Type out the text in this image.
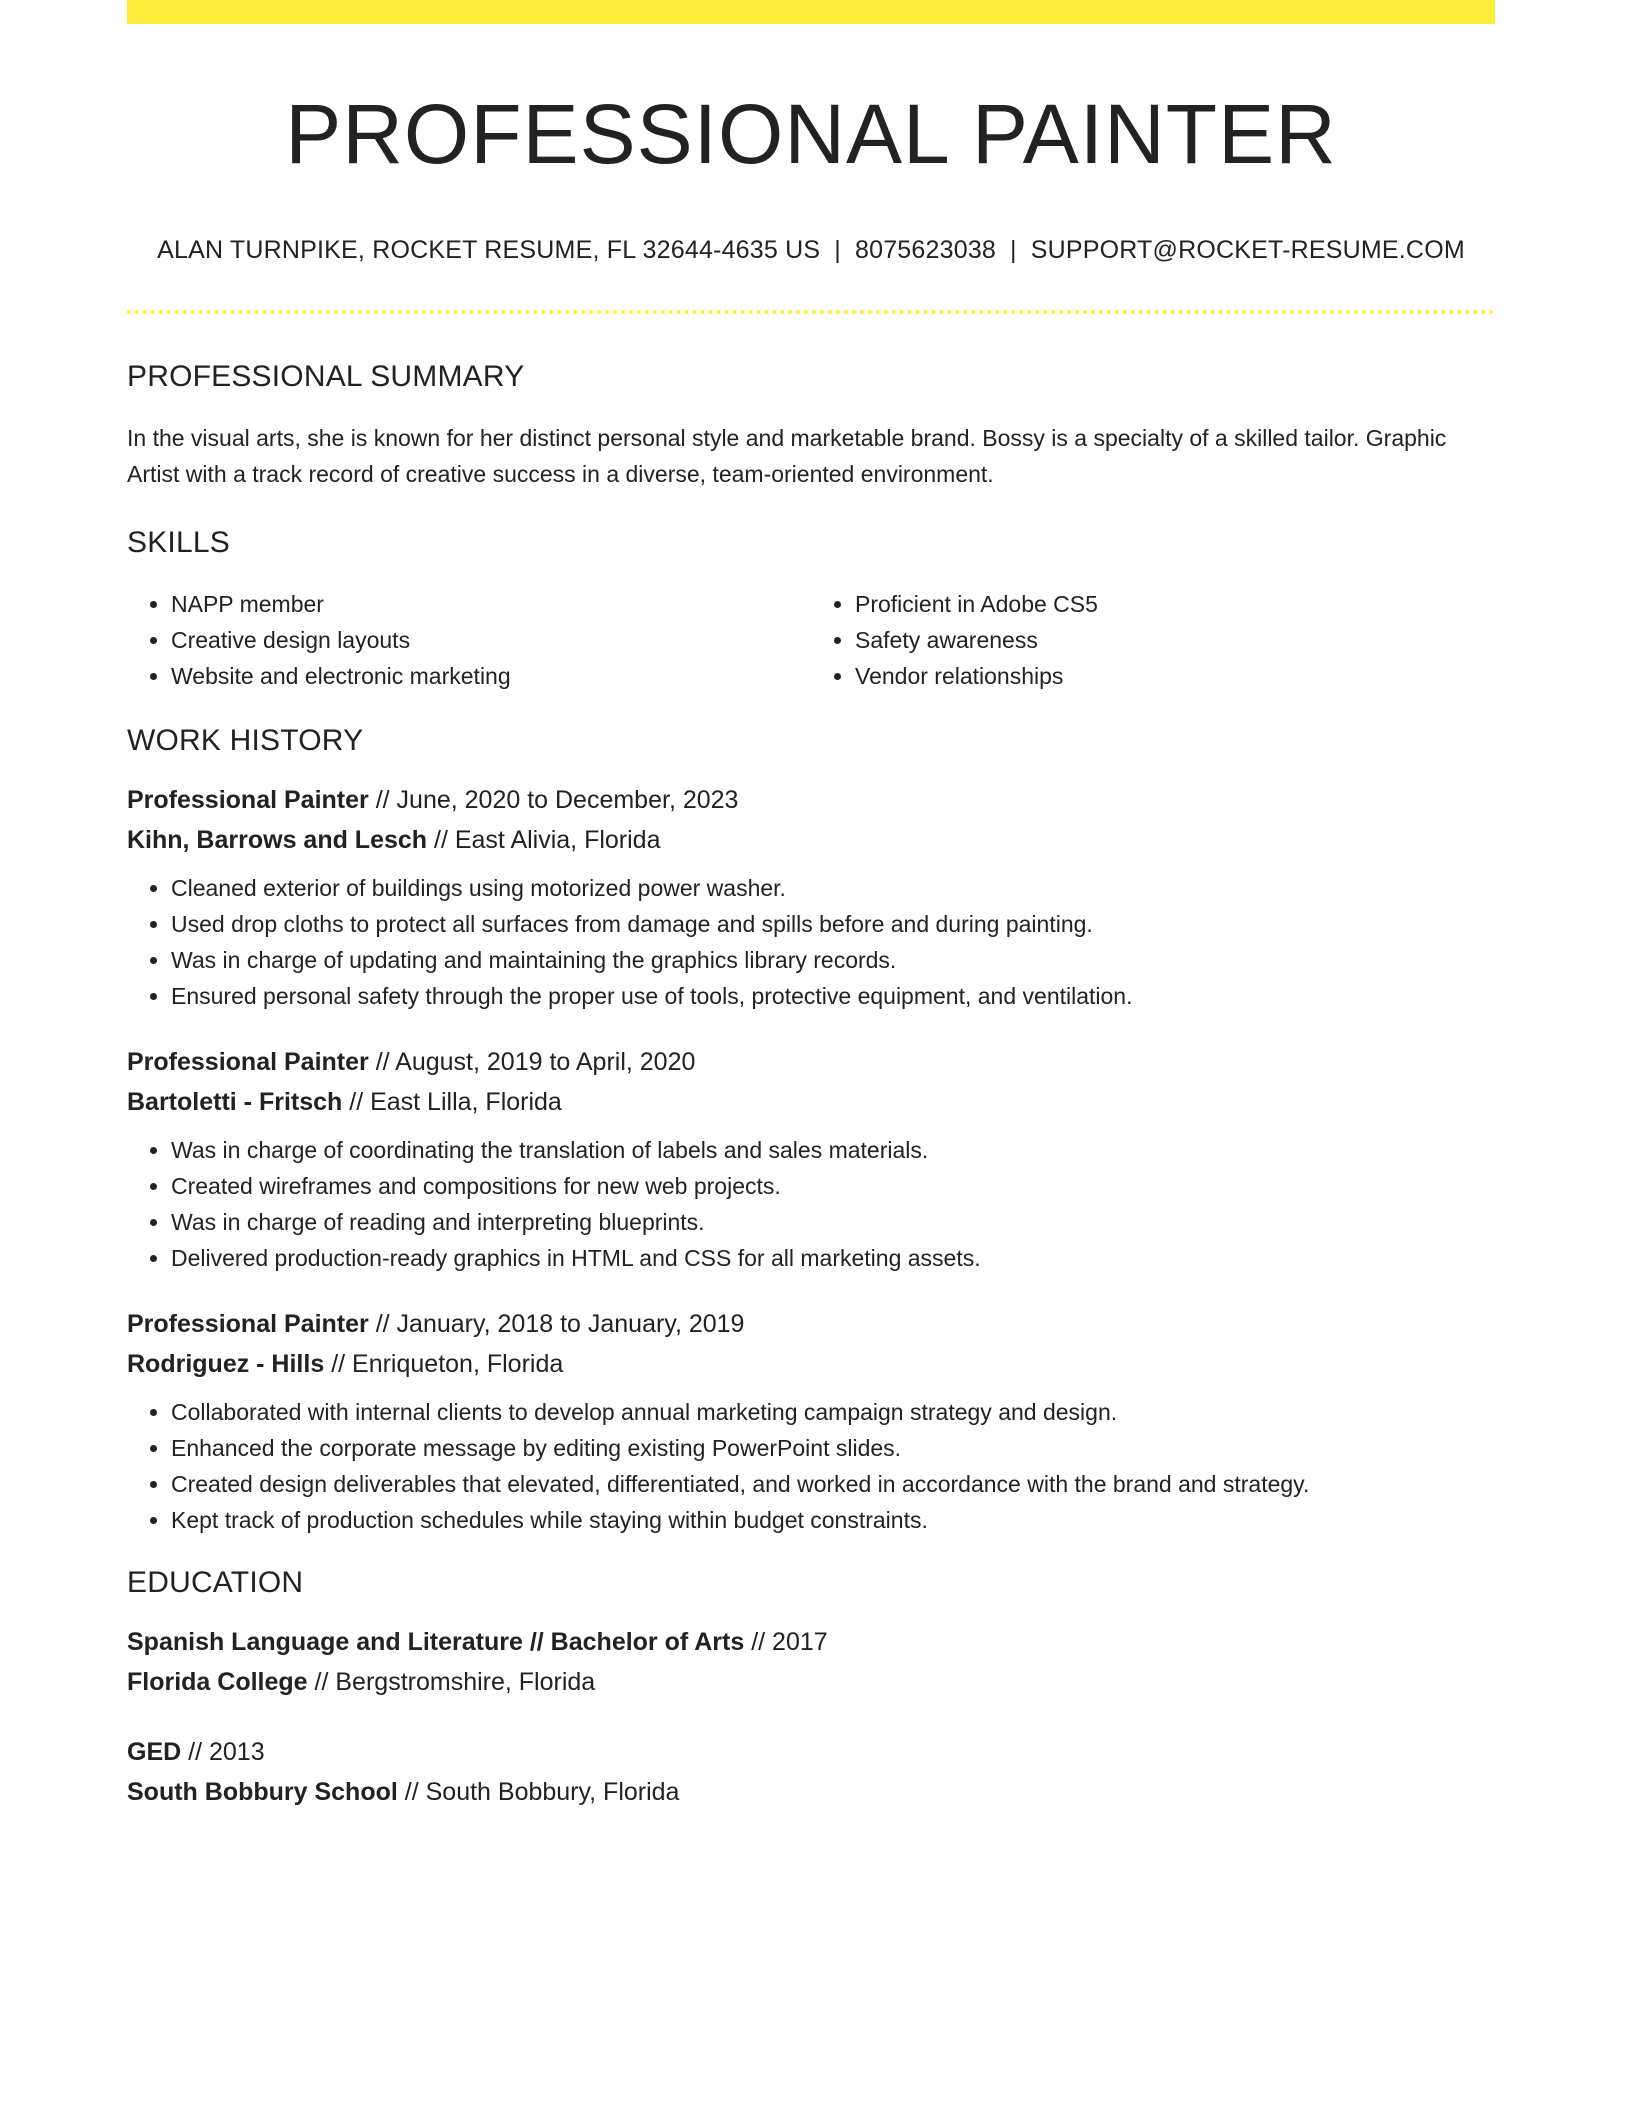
PROFESSIONAL PAINTER
ALAN TURNPIKE, ROCKET RESUME, FL 32644-4635 US | 8075623038 | SUPPORT@ROCKET-RESUME.COM
PROFESSIONAL SUMMARY
In the visual arts, she is known for her distinct personal style and marketable brand. Bossy is a specialty of a skilled tailor. Graphic Artist with a track record of creative success in a diverse, team-oriented environment.
SKILLS
• NAPP member
• Creative design layouts
• Website and electronic marketing
• Proficient in Adobe CS5
• Safety awareness
• Vendor relationships
WORK HISTORY
Professional Painter // June, 2020 to December, 2023
Kihn, Barrows and Lesch // East Alivia, Florida
• Cleaned exterior of buildings using motorized power washer.
• Used drop cloths to protect all surfaces from damage and spills before and during painting.
• Was in charge of updating and maintaining the graphics library records.
• Ensured personal safety through the proper use of tools, protective equipment, and ventilation.
Professional Painter // August, 2019 to April, 2020
Bartoletti - Fritsch // East Lilla, Florida
• Was in charge of coordinating the translation of labels and sales materials.
• Created wireframes and compositions for new web projects.
• Was in charge of reading and interpreting blueprints.
• Delivered production-ready graphics in HTML and CSS for all marketing assets.
Professional Painter // January, 2018 to January, 2019
Rodriguez - Hills // Enriqueton, Florida
• Collaborated with internal clients to develop annual marketing campaign strategy and design.
• Enhanced the corporate message by editing existing PowerPoint slides.
• Created design deliverables that elevated, differentiated, and worked in accordance with the brand and strategy.
• Kept track of production schedules while staying within budget constraints.
EDUCATION
Spanish Language and Literature // Bachelor of Arts // 2017
Florida College // Bergstromshire, Florida
GED // 2013
South Bobbury School // South Bobbury, Florida
